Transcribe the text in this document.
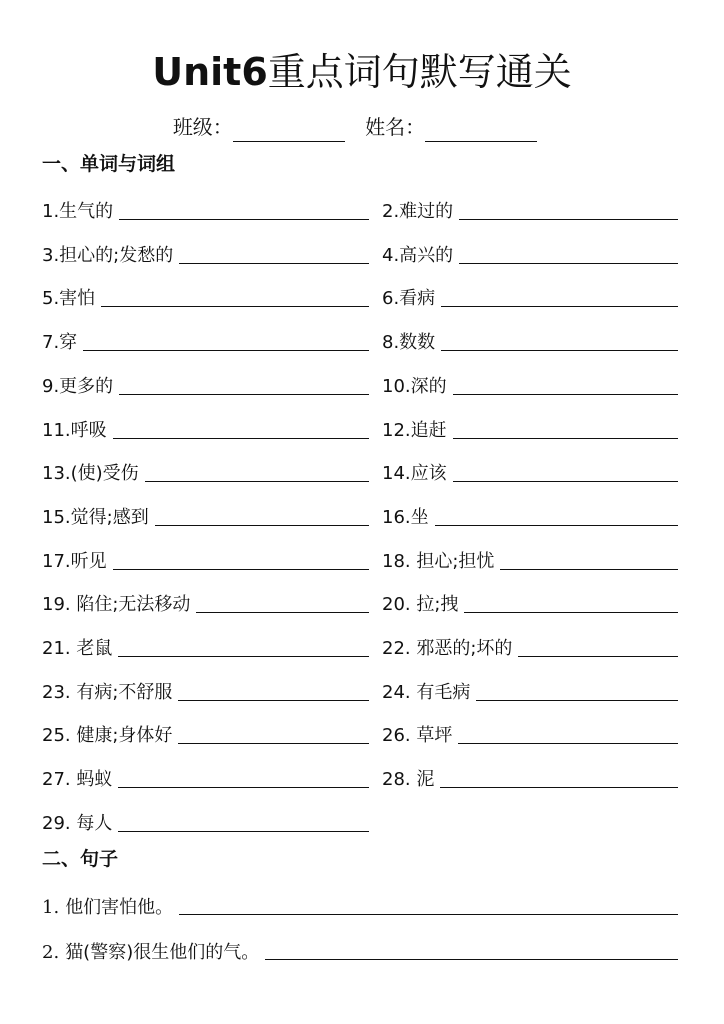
Unit6重点词句默写通关
班级：	姓名：
一、单词与词组
1.生气的	2.难过的
3.担心的;发愁的	4.高兴的
5.害怕	6.看病
7.穿	8.数数
9.更多的	10.深的
11.呼吸	12.追赶
13.(使)受伤	14.应该
15.觉得;感到	16.坐
17.听见	18. 担心;担忧
19. 陷住;无法移动	20. 拉;拽
21. 老鼠	22. 邪恶的;坏的
23. 有病;不舒服	24. 有毛病
25. 健康;身体好	26. 草坪
27. 蚂蚁	28. 泥
29. 每人
二、句子
1. 他们害怕他。
2. 猫(警察)很生他们的气。
